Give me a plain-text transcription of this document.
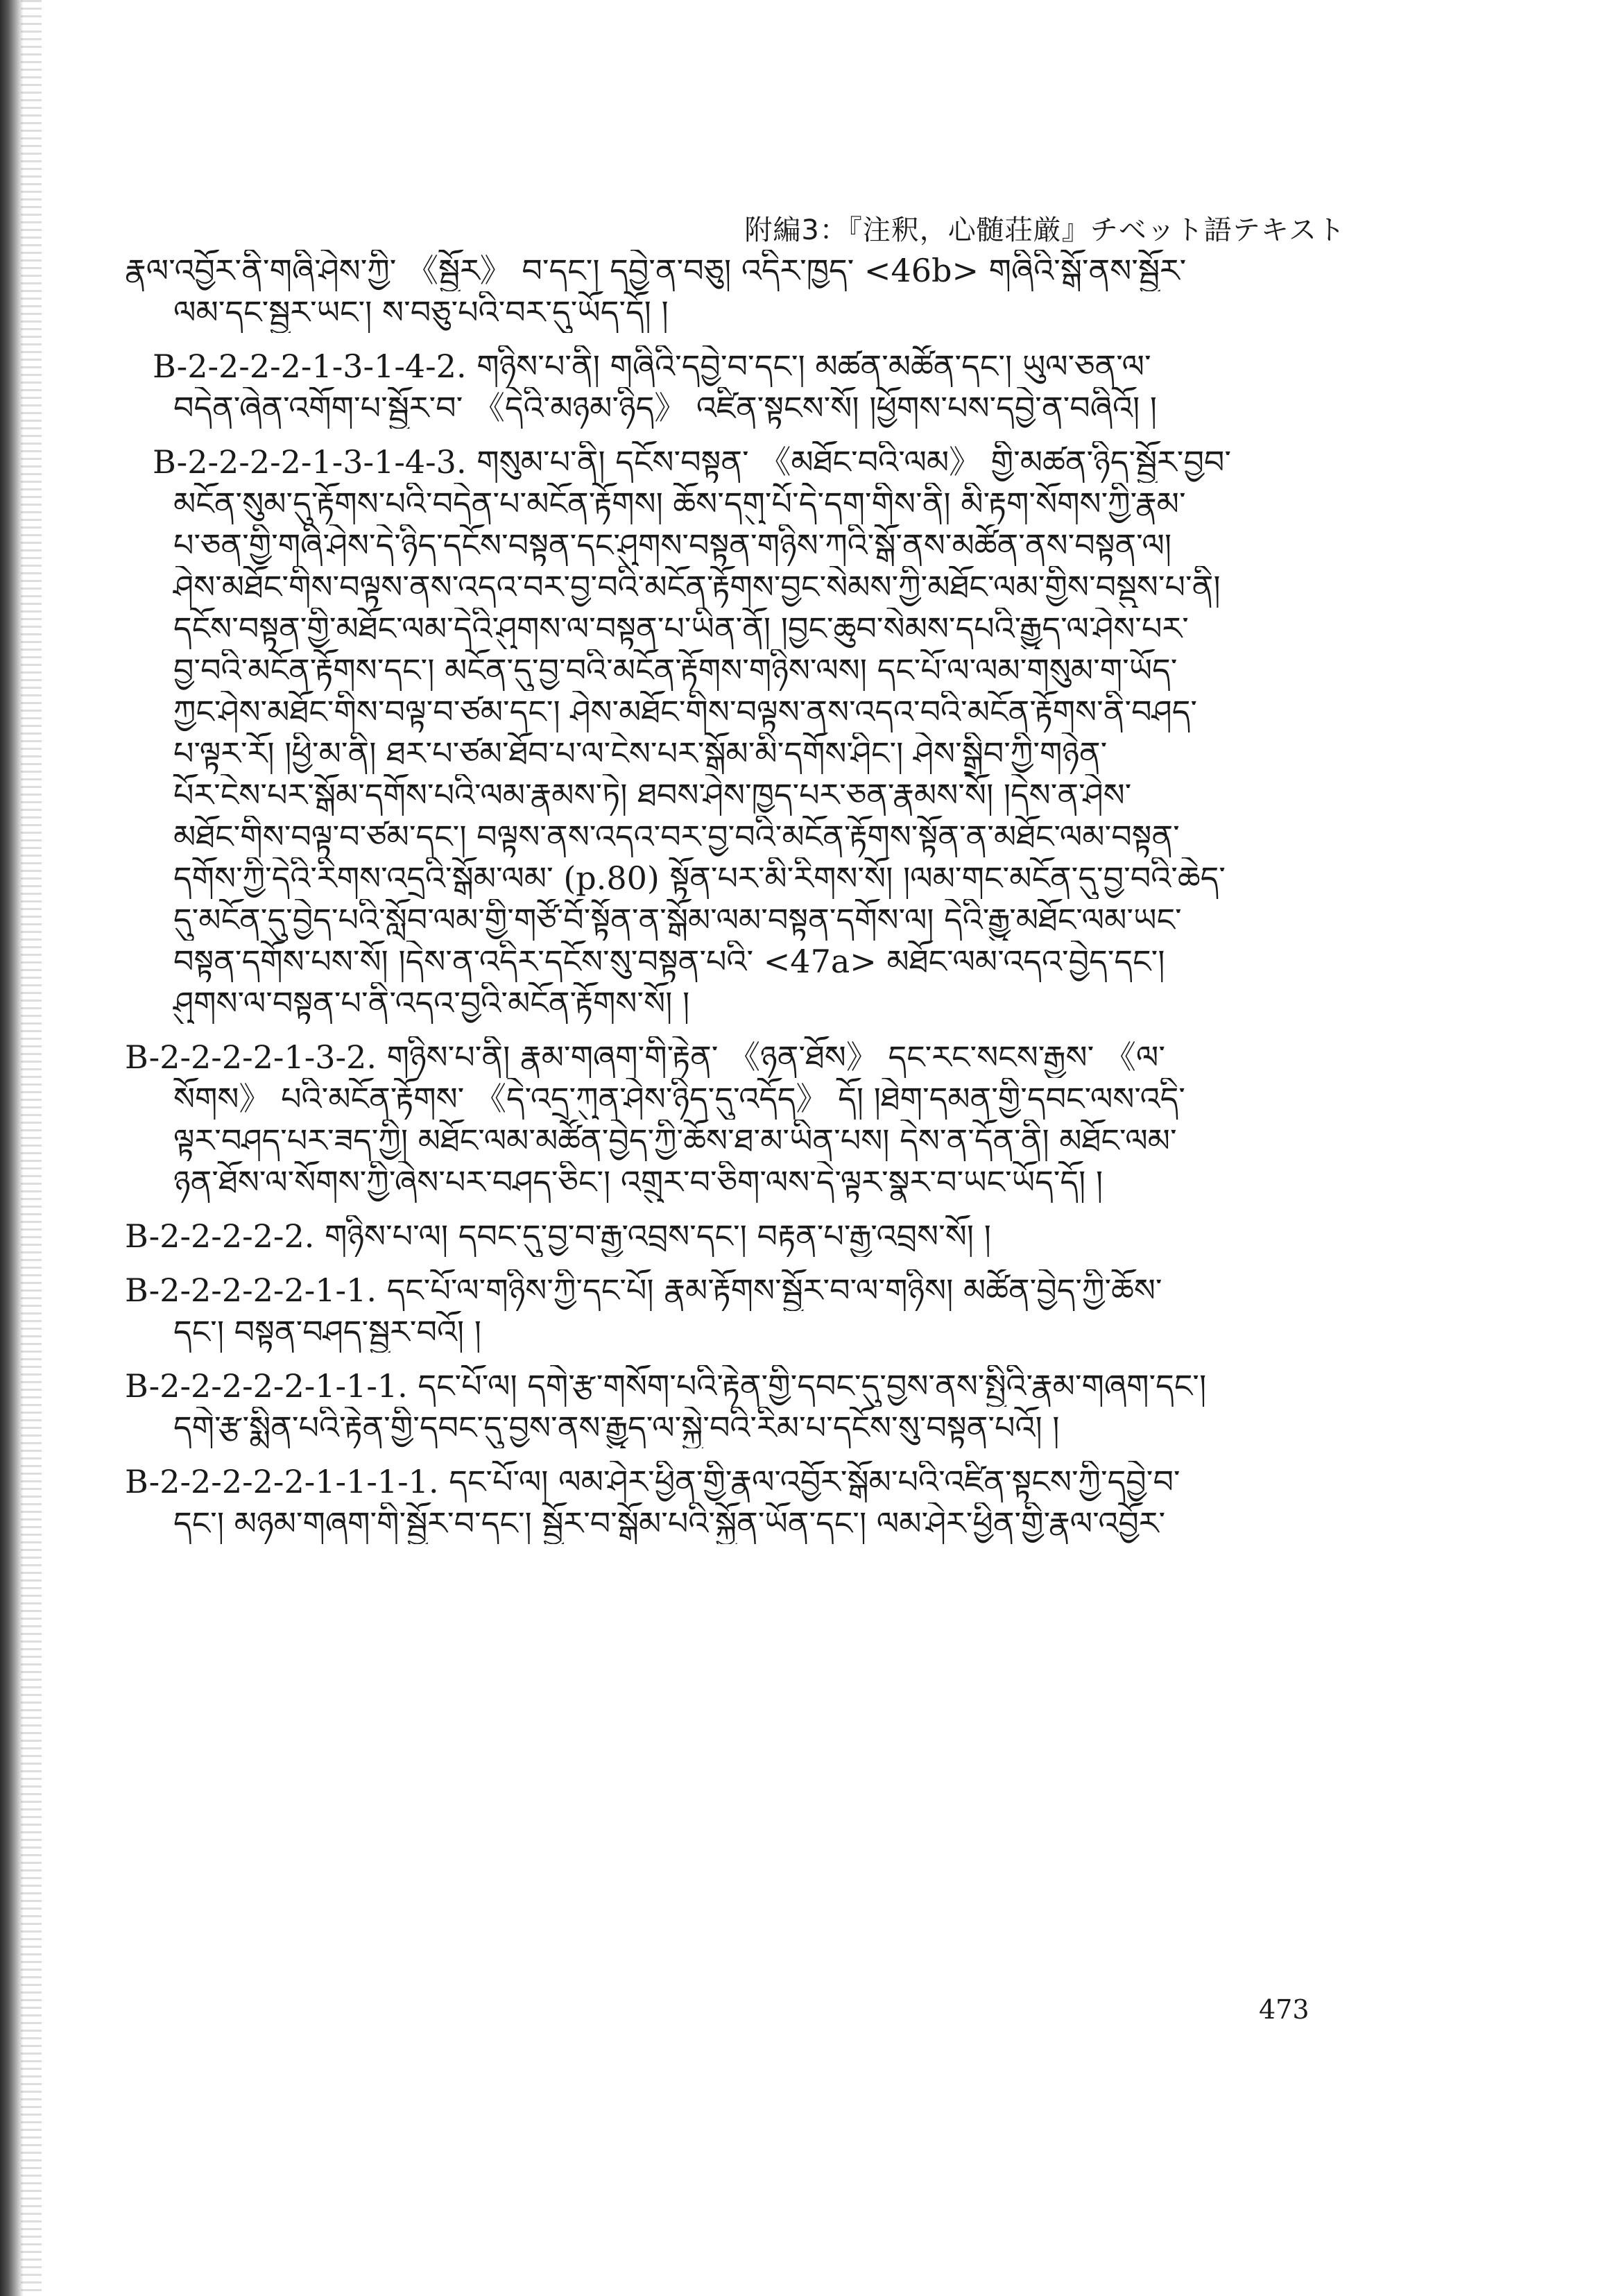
附編3：『注釈，心髄荘厳』チベット語テキスト
རྣལ་འབྱོར་ནི་གཞི་ཤེས་ཀྱི་ 《སྦྱོར》 བ་དང་། དབྱེ་ན་བཅུ། འདིར་ཁྱད་ <46b> གཞིའི་སྒོ་ནས་སྦྱོར་
ལམ་དང་སྦྱར་ཡང་། ས་བཅུ་པའི་བར་དུ་ཡོད་དོ། །
B-2-2-2-2-1-3-1-4-2. གཉིས་པ་ནི། གཞིའི་དབྱེ་བ་དང་། མཚན་མཚོན་དང་། ཡུལ་ཅན་ལ་
བདེན་ཞེན་འགོག་པ་སྦྱོར་བ་ 《དེའི་མཉམ་ཉིད》 འཛིན་སྟངས་སོ། །ཕྱོགས་པས་དབྱེ་ན་བཞིའོ། །
B-2-2-2-2-1-3-1-4-3. གསུམ་པ་ནི། དངོས་བསྟན་ 《མཐོང་བའི་ལམ》 གྱི་མཚན་ཉིད་སྦྱོར་བྱབ་
མངོན་སུམ་དུ་རྟོགས་པའི་བདེན་པ་མངོན་རྟོགས། ཆོས་དགུ་པོ་དེ་དག་གིས་ནི། མི་རྟག་སོགས་ཀྱི་རྣམ་
པ་ཅན་གྱི་གཞི་ཤེས་དེ་ཉིད་དངོས་བསྟན་དང་ཤུགས་བསྟན་གཉིས་ཀའི་སྒོ་ནས་མཚོན་ནས་བསྟན་ལ།
ཤེས་མཐོང་གིས་བལྟས་ནས་འདའ་བར་བྱ་བའི་མངོན་རྟོགས་བྱང་སེམས་ཀྱི་མཐོང་ལམ་གྱིས་བསྡུས་པ་ནི།
དངོས་བསྟན་གྱི་མཐོང་ལམ་དེའི་ཤུགས་ལ་བསྟན་པ་ཡིན་ནོ། །བྱང་ཆུབ་སེམས་དཔའི་རྒྱུད་ལ་ཤེས་པར་
བྱ་བའི་མངོན་རྟོགས་དང་། མངོན་དུ་བྱ་བའི་མངོན་རྟོགས་གཉིས་ལས། དང་པོ་ལ་ལམ་གསུམ་ག་ཡོད་
ཀྱང་ཤེས་མཐོང་གིས་བལྟ་བ་ཙམ་དང་། ཤེས་མཐོང་གིས་བལྟས་ནས་འདའ་བའི་མངོན་རྟོགས་ནི་བཤད་
པ་ལྟར་རོ། །ཕྱི་མ་ནི། ཐར་པ་ཙམ་ཐོབ་པ་ལ་ངེས་པར་སྒོམ་མི་དགོས་ཤིང་། ཤེས་སྒྲིབ་ཀྱི་གཉེན་
པོར་ངེས་པར་སྒོམ་དགོས་པའི་ལམ་རྣམས་ཏེ། ཐབས་ཤེས་ཁྱད་པར་ཅན་རྣམས་སོ། །དེས་ན་ཤེས་
མཐོང་གིས་བལྟ་བ་ཙམ་དང་། བལྟས་ནས་འདའ་བར་བྱ་བའི་མངོན་རྟོགས་སྟོན་ན་མཐོང་ལམ་བསྟན་
དགོས་ཀྱི་དེའི་རིགས་འདྲའི་སྒོམ་ལམ་ (p.80) སྟོན་པར་མི་རིགས་སོ། །ལམ་གང་མངོན་དུ་བྱ་བའི་ཆེད་
དུ་མངོན་དུ་བྱེད་པའི་སློབ་ལམ་གྱི་གཙོ་བོ་སྟོན་ན་སྒོམ་ལམ་བསྟན་དགོས་ལ། དེའི་རྒྱུ་མཐོང་ལམ་ཡང་
བསྟན་དགོས་པས་སོ། །དེས་ན་འདིར་དངོས་སུ་བསྟན་པའི་ <47a> མཐོང་ལམ་འདའ་བྱེད་དང་།
ཤུགས་ལ་བསྟན་པ་ནི་འདའ་བྱའི་མངོན་རྟོགས་སོ། །
B-2-2-2-2-1-3-2. གཉིས་པ་ནི། རྣམ་གཞག་གི་རྟེན་ 《ཉན་ཐོས》 དང་རང་སངས་རྒྱས་ 《ལ་
སོགས》 པའི་མངོན་རྟོགས་ 《དེ་འདྲ་ཀུན་ཤེས་ཉིད་དུ་འདོད》 དོ། །ཐེག་དམན་གྱི་དབང་ལས་འདི་
ལྟར་བཤད་པར་ཟད་ཀྱི། མཐོང་ལམ་མཚོན་བྱེད་ཀྱི་ཆོས་ཐ་མ་ཡིན་པས། དེས་ན་དོན་ནི། མཐོང་ལམ་
ཉན་ཐོས་ལ་སོགས་ཀྱི་ཞེས་པར་བཤད་ཅིང་། འགྲུར་བ་ཅིག་ལས་དེ་ལྟར་སྣར་བ་ཡང་ཡོད་དོ། །
B-2-2-2-2-2. གཉིས་པ་ལ། དབང་དུ་བྱ་བ་རྒྱ་འབྲས་དང་། བརྟན་པ་རྒྱ་འབྲས་སོ། །
B-2-2-2-2-2-1-1. དང་པོ་ལ་གཉིས་ཀྱི་དང་པོ། རྣམ་རྟོགས་སྦྱོར་བ་ལ་གཉིས། མཚོན་བྱེད་ཀྱི་ཆོས་
དང་། བསྟན་བཤད་སྦྱར་བའོ། །
B-2-2-2-2-2-1-1-1. དང་པོ་ལ། དགེ་རྩ་གསོག་པའི་རྟེན་གྱི་དབང་དུ་བྱས་ནས་སྤྱིའི་རྣམ་གཞག་དང་།
དགེ་རྩ་སྨིན་པའི་རྟེན་གྱི་དབང་དུ་བྱས་ནས་རྒྱུད་ལ་སྐྱེ་བའི་རིམ་པ་དངོས་སུ་བསྟན་པའོ། །
B-2-2-2-2-2-1-1-1-1. དང་པོ་ལ། ལམ་ཤེར་ཕྱིན་གྱི་རྣལ་འབྱོར་སྒོམ་པའི་འཛིན་སྟངས་ཀྱི་དབྱེ་བ་
དང་། མཉམ་གཞག་གི་སྦྱོར་བ་དང་། སྦྱོར་བ་སྒོམ་པའི་སྐྱོན་ཡོན་དང་། ལམ་ཤེར་ཕྱིན་གྱི་རྣལ་འབྱོར་
473
